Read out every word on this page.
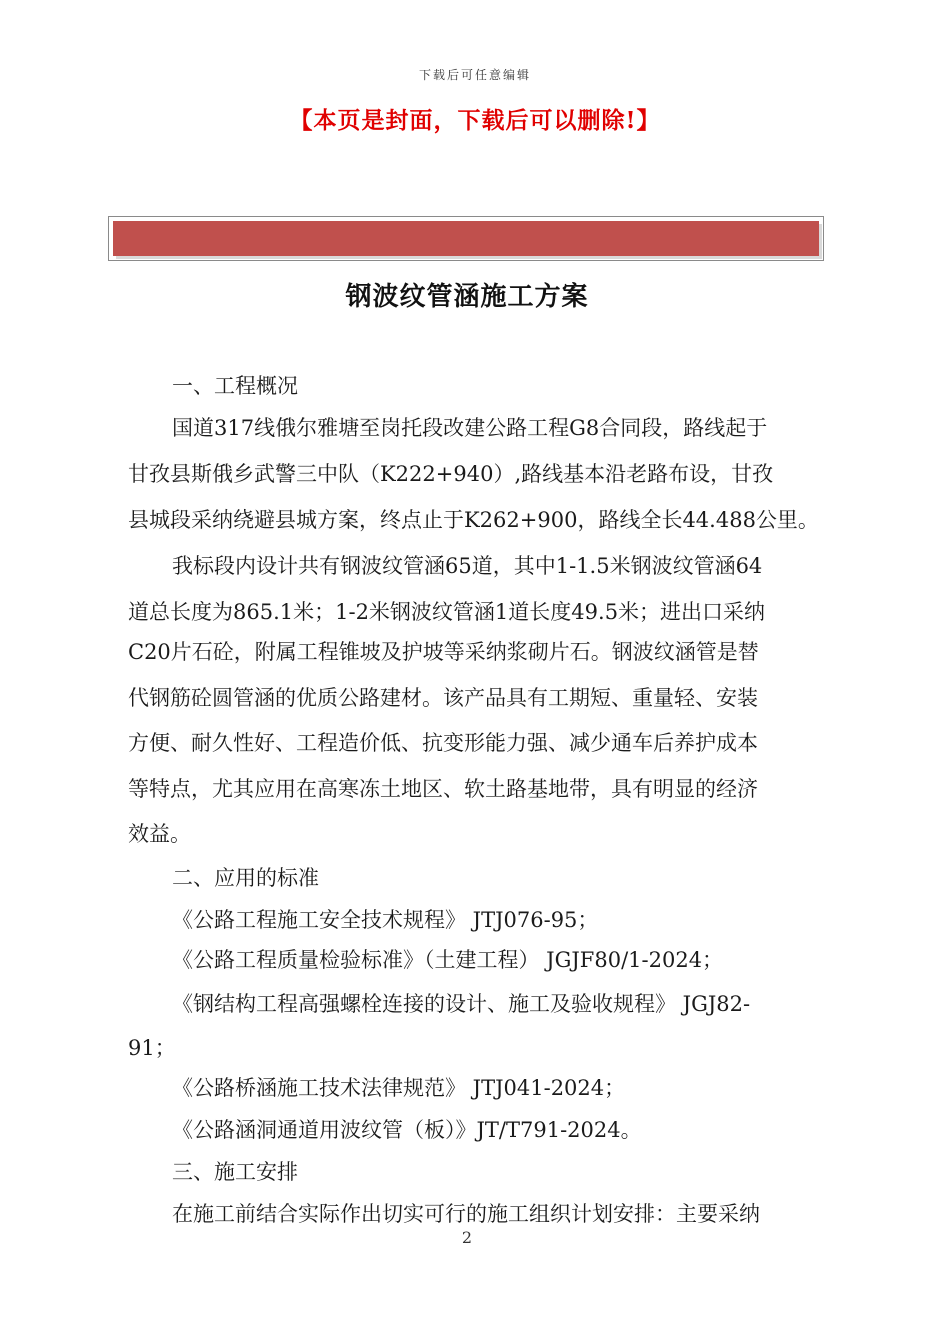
下载后可任意编辑
【本页是封面，下载后可以删除!】
钢波纹管涵施工方案
一、工程概况
国道317线俄尔雅塘至岗托段改建公路工程G8合同段，路线起于
甘孜县斯俄乡武警三中队（K222+940）,路线基本沿老路布设，甘孜
县城段采纳绕避县城方案，终点止于K262+900，路线全长44.488公里。
我标段内设计共有钢波纹管涵65道，其中1-1.5米钢波纹管涵64
道总长度为865.1米；1-2米钢波纹管涵1道长度49.5米；进出口采纳
C20片石砼，附属工程锥坡及护坡等采纳浆砌片石。钢波纹涵管是替
代钢筋砼圆管涵的优质公路建材。该产品具有工期短、重量轻、安装
方便、耐久性好、工程造价低、抗变形能力强、减少通车后养护成本
等特点，尤其应用在高寒冻土地区、软土路基地带，具有明显的经济
效益。
二、应用的标准
《公路工程施工安全技术规程》 JTJ076-95；
《公路工程质量检验标准》（土建工程） JGJF80/1-2024；
《钢结构工程高强螺栓连接的设计、施工及验收规程》 JGJ82-
91；
《公路桥涵施工技术法律规范》 JTJ041-2024；
《公路涵洞通道用波纹管（板）》JT/T791-2024。
三、施工安排
在施工前结合实际作出切实可行的施工组织计划安排：主要采纳
2
